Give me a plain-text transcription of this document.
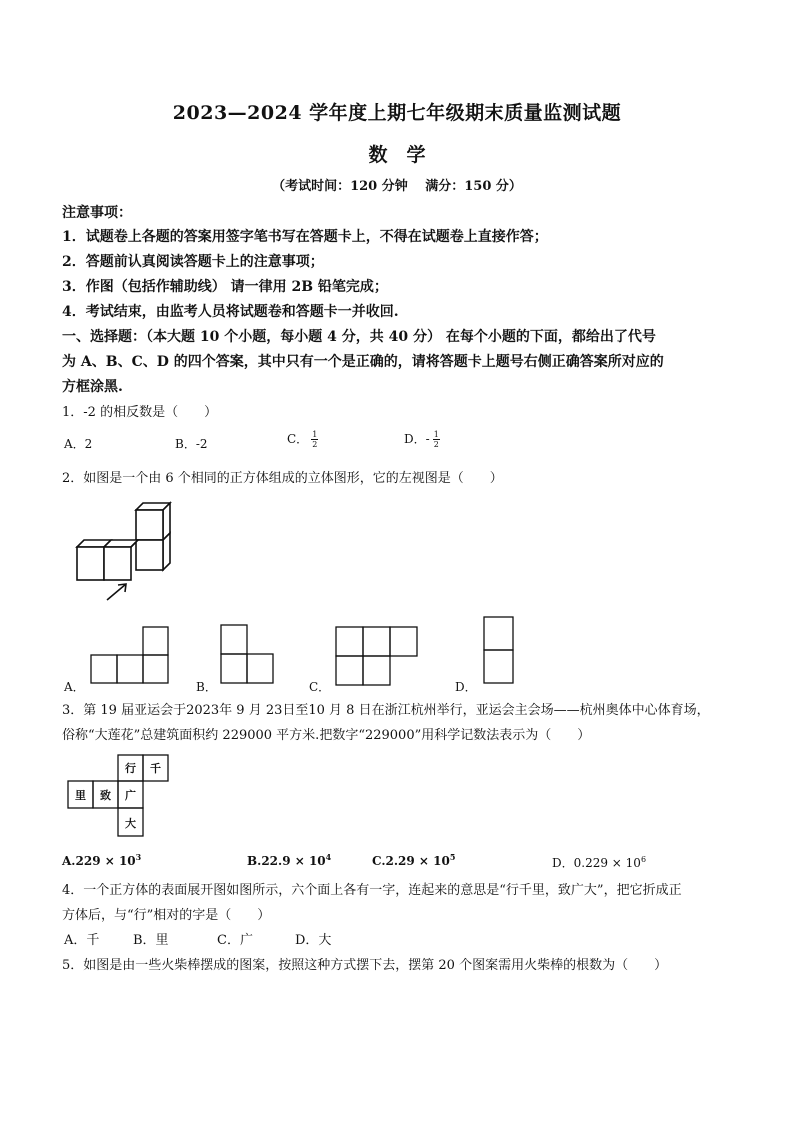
2023—2024 学年度上期七年级期末质量监测试题
数　学
（考试时间：120 分钟　 满分：150 分）
注意事项：
1．试题卷上各题的答案用签字笔书写在答题卡上，不得在试题卷上直接作答；
2．答题前认真阅读答题卡上的注意事项；
3．作图（包括作辅助线） 请一律用 2B 铅笔完成；
4．考试结束，由监考人员将试题卷和答题卡一并收回.
一、选择题：（本大题 10 个小题，每小题 4 分，共 40 分） 在每个小题的下面，都给出了代号
为 A、B、C、D 的四个答案，其中只有一个是正确的，请将答题卡上题号右侧正确答案所对应的
方框涂黑.
1．-2 的相反数是（　　）
A．2	B．-2	C． $\frac{1}{2}$	D．- $\frac{1}{2}$
2．如图是一个由 6 个相同的正方体组成的立体图形，它的左视图是（　　）
A．	B．	C．	D．
3．第 19 届亚运会于2023年 9 月 23日至10 月 8 日在浙江杭州举行，亚运会主会场——杭州奥体中心体育场，
俗称“大莲花”总建筑面积约 229000 平方米.把数字“229000”用科学记数法表示为（　　）
行	千
里	致	广
大
$A.229 \times 10^3$	$B.22.9 \times 10^4$	$C.2.29 \times 10^5$	D．$0.229 \times 10^6$
4．一个正方体的表面展开图如图所示，六个面上各有一字，连起来的意思是“行千里，致广大”，把它折成正
方体后，与“行”相对的字是（　　）
A．千	B．里	C．广	D．大
5．如图是由一些火柴棒摆成的图案，按照这种方式摆下去，摆第 20 个图案需用火柴棒的根数为（　　）
